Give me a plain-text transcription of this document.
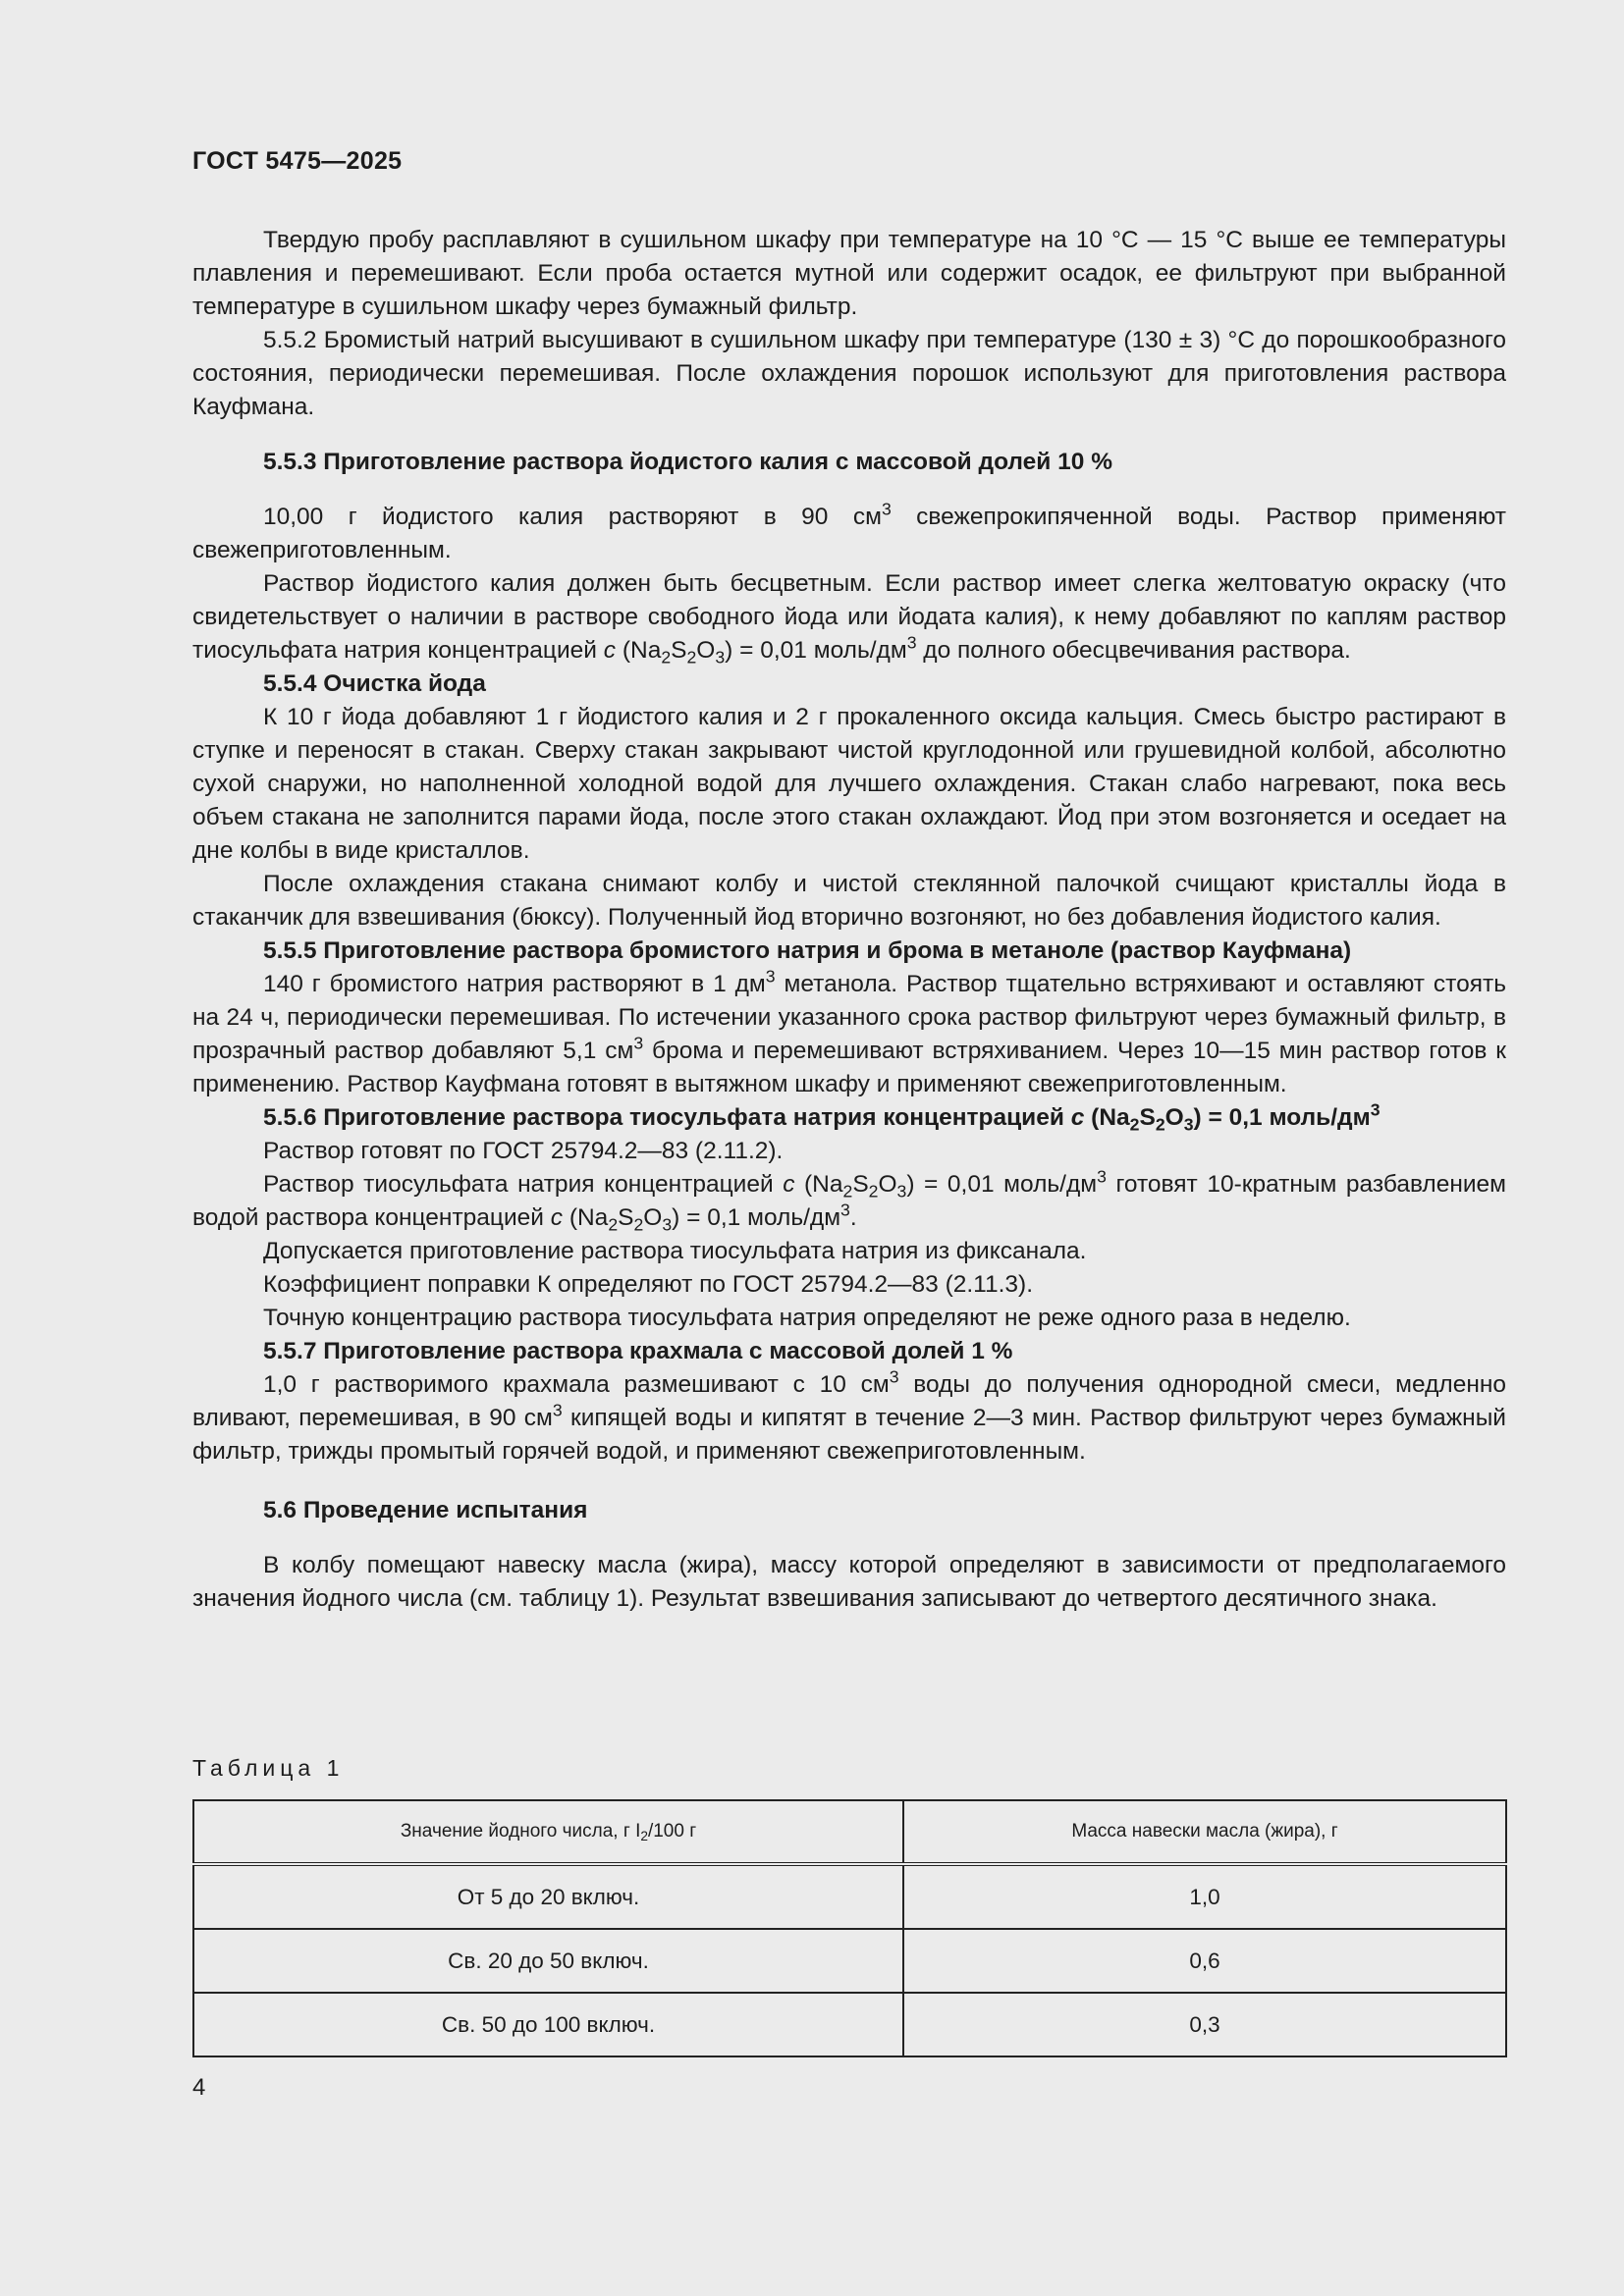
ГОСТ 5475—2025

Твердую пробу расплавляют в сушильном шкафу при температуре на 10 °С — 15 °С выше ее температуры плавления и перемешивают. Если проба остается мутной или содержит осадок, ее фильтруют при выбранной температуре в сушильном шкафу через бумажный фильтр.

5.5.2 Бромистый натрий высушивают в сушильном шкафу при температуре (130 ± 3) °С до порошкообразного состояния, периодически перемешивая. После охлаждения порошок используют для приготовления раствора Кауфмана.

5.5.3 Приготовление раствора йодистого калия с массовой долей 10 %

10,00 г йодистого калия растворяют в 90 $см^3$ свежепрокипяченной воды. Раствор применяют свежеприготовленным.

Раствор йодистого калия должен быть бесцветным. Если раствор имеет слегка желтоватую окраску (что свидетельствует о наличии в растворе свободного йода или йодата калия), к нему добавляют по каплям раствор тиосульфата натрия концентрацией c $(Na_2S_2O_3) = 0,01$ моль/$дм^3$ до полного обесцвечивания раствора.

5.5.4 Очистка йода

К 10 г йода добавляют 1 г йодистого калия и 2 г прокаленного оксида кальция. Смесь быстро растирают в ступке и переносят в стакан. Сверху стакан закрывают чистой круглодонной или грушевидной колбой, абсолютно сухой снаружи, но наполненной холодной водой для лучшего охлаждения. Стакан слабо нагревают, пока весь объем стакана не заполнится парами йода, после этого стакан охлаждают. Йод при этом возгоняется и оседает на дне колбы в виде кристаллов.

После охлаждения стакана снимают колбу и чистой стеклянной палочкой счищают кристаллы йода в стаканчик для взвешивания (бюксу). Полученный йод вторично возгоняют, но без добавления йодистого калия.

5.5.5 Приготовление раствора бромистого натрия и брома в метаноле (раствор Кауфмана)

140 г бромистого натрия растворяют в 1 $дм^3$ метанола. Раствор тщательно встряхивают и оставляют стоять на 24 ч, периодически перемешивая. По истечении указанного срока раствор фильтруют через бумажный фильтр, в прозрачный раствор добавляют 5,1 $см^3$ брома и перемешивают встряхиванием. Через 10—15 мин раствор готов к применению. Раствор Кауфмана готовят в вытяжном шкафу и применяют свежеприготовленным.

5.5.6 Приготовление раствора тиосульфата натрия концентрацией c $(Na_2S_2O_3) = 0,1$ моль/$дм^3$

Раствор готовят по ГОСТ 25794.2—83 (2.11.2).

Раствор тиосульфата натрия концентрацией c $(Na_2S_2O_3) = 0,01$ моль/$дм^3$ готовят 10-кратным разбавлением водой раствора концентрацией c $(Na_2S_2O_3) = 0,1$ моль/$дм^3$.

Допускается приготовление раствора тиосульфата натрия из фиксанала.

Коэффициент поправки К определяют по ГОСТ 25794.2—83 (2.11.3).

Точную концентрацию раствора тиосульфата натрия определяют не реже одного раза в неделю.

5.5.7 Приготовление раствора крахмала с массовой долей 1 %

1,0 г растворимого крахмала размешивают с 10 $см^3$ воды до получения однородной смеси, медленно вливают, перемешивая, в 90 $см^3$ кипящей воды и кипятят в течение 2—3 мин. Раствор фильтруют через бумажный фильтр, трижды промытый горячей водой, и применяют свежеприготовленным.

5.6 Проведение испытания

В колбу помещают навеску масла (жира), массу которой определяют в зависимости от предполагаемого значения йодного числа (см. таблицу 1). Результат взвешивания записывают до четвертого десятичного знака.

Таблица 1
Значение йодного числа, г $I_2/100$ г	Масса навески масла (жира), г
От 5 до 20 включ.	1,0
Св. 20 до 50 включ.	0,6
Св. 50 до 100 включ.	0,3
4
